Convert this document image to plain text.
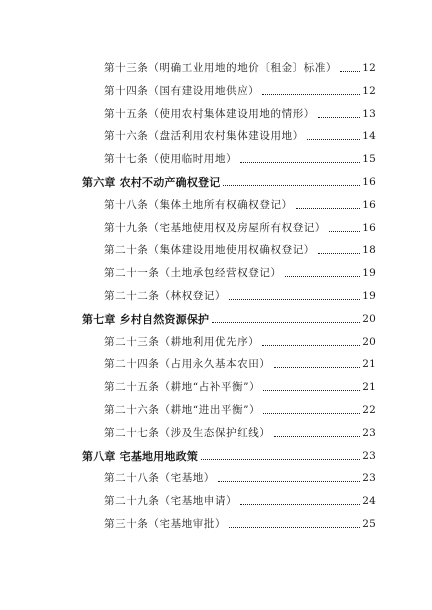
第十三条（明确工业用地的地价〔租金〕标准） 12
第十四条（国有建设用地供应）	12
第十五条（使用农村集体建设用地的情形）	13
第十六条（盘活利用农村集体建设用地）	14
第十七条（使用临时用地）	15
第六章 农村不动产确权登记	16
第十八条（集体土地所有权确权登记）	16
第十九条（宅基地使用权及房屋所有权登记）	16
第二十条（集体建设用地使用权确权登记）	18
第二十一条（土地承包经营权登记）	19
第二十二条（林权登记）	19
第七章 乡村自然资源保护	20
第二十三条（耕地利用优先序）	20
第二十四条（占用永久基本农田）	21
第二十五条（耕地“占补平衡”）	21
第二十六条（耕地“进出平衡”）	22
第二十七条（涉及生态保护红线）	23
第八章 宅基地用地政策	23
第二十八条（宅基地）	23
第二十九条（宅基地申请）	24
第三十条（宅基地审批）	25
